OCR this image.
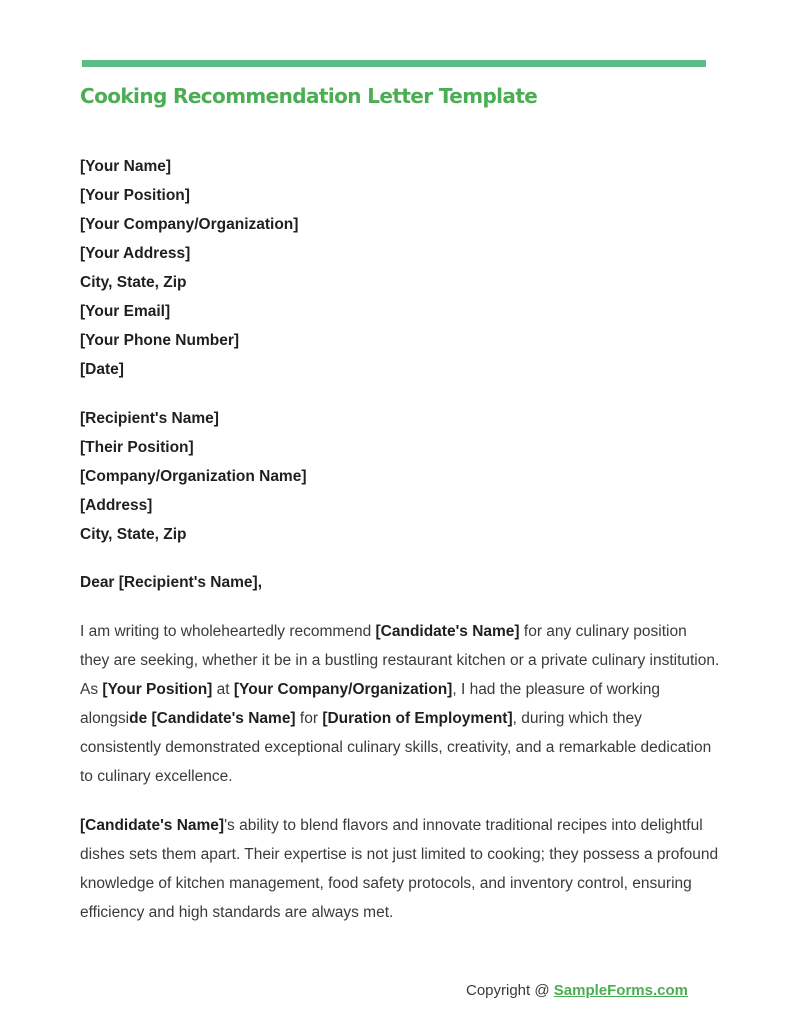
Cooking Recommendation Letter Template
[Your Name]
[Your Position]
[Your Company/Organization]
[Your Address]
City, State, Zip
[Your Email]
[Your Phone Number]
[Date]
[Recipient's Name]
[Their Position]
[Company/Organization Name]
[Address]
City, State, Zip

Dear [Recipient's Name],

I am writing to wholeheartedly recommend [Candidate's Name] for any culinary position they are seeking, whether it be in a bustling restaurant kitchen or a private culinary institution. As [Your Position] at [Your Company/Organization], I had the pleasure of working alongside [Candidate's Name] for [Duration of Employment], during which they consistently demonstrated exceptional culinary skills, creativity, and a remarkable dedication to culinary excellence.

[Candidate's Name]'s ability to blend flavors and innovate traditional recipes into delightful dishes sets them apart. Their expertise is not just limited to cooking; they possess a profound knowledge of kitchen management, food safety protocols, and inventory control, ensuring efficiency and high standards are always met.

Copyright @ SampleForms.com
